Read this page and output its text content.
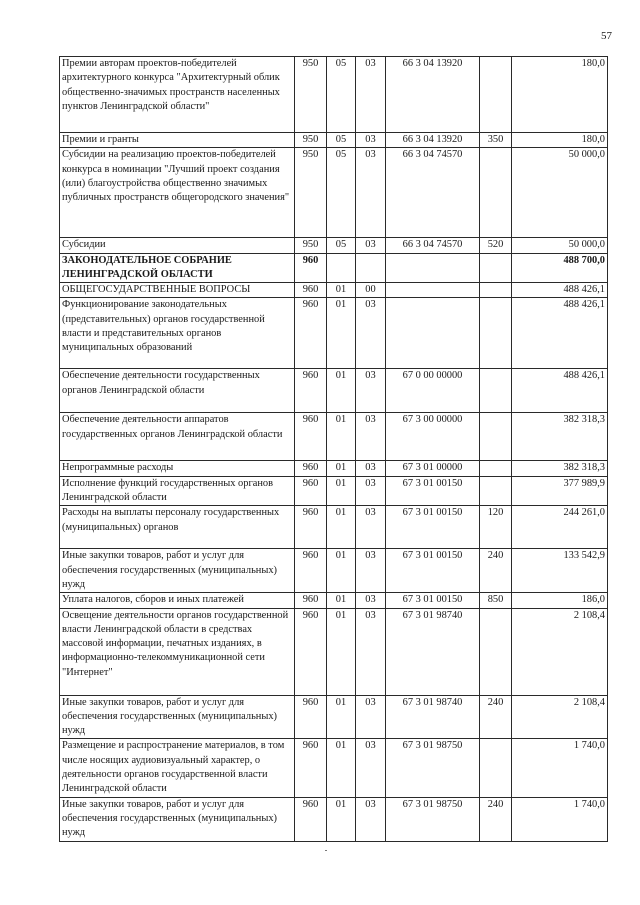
57
Премии авторам проектов-победителей архитектурного конкурса "Архитектурный облик общественно-значимых пространств населенных пунктов Ленинградской области"	950	05	03	66 3 04 13920		180,0
Премии и гранты	950	05	03	66 3 04 13920	350	180,0
Субсидии на реализацию проектов-победителей конкурса в номинации "Лучший проект создания (или) благоустройства общественно значимых публичных пространств общегородского значения"	950	05	03	66 3 04 74570		50 000,0
Субсидии	950	05	03	66 3 04 74570	520	50 000,0
ЗАКОНОДАТЕЛЬНОЕ СОБРАНИЕ ЛЕНИНГРАДСКОЙ ОБЛАСТИ	960					488 700,0
ОБЩЕГОСУДАРСТВЕННЫЕ ВОПРОСЫ	960	01	00			488 426,1
Функционирование законодательных (представительных) органов государственной власти и представительных органов муниципальных образований	960	01	03			488 426,1
Обеспечение деятельности государственных органов Ленинградской области	960	01	03	67 0 00 00000		488 426,1
Обеспечение деятельности аппаратов государственных органов Ленинградской области	960	01	03	67 3 00 00000		382 318,3
Непрограммные расходы	960	01	03	67 3 01 00000		382 318,3
Исполнение функций государственных органов Ленинградской области	960	01	03	67 3 01 00150		377 989,9
Расходы на выплаты персоналу государственных (муниципальных) органов	960	01	03	67 3 01 00150	120	244 261,0
Иные закупки товаров, работ и услуг для обеспечения государственных (муниципальных) нужд	960	01	03	67 3 01 00150	240	133 542,9
Уплата налогов, сборов и иных платежей	960	01	03	67 3 01 00150	850	186,0
Освещение деятельности органов государственной власти Ленинградской области в средствах массовой информации, печатных изданиях, в информационно-телекоммуникационной сети "Интернет"	960	01	03	67 3 01 98740		2 108,4
Иные закупки товаров, работ и услуг для обеспечения государственных (муниципальных) нужд	960	01	03	67 3 01 98740	240	2 108,4
Размещение и распространение материалов, в том числе носящих аудиовизуальный характер, о деятельности органов государственной власти Ленинградской области	960	01	03	67 3 01 98750		1 740,0
Иные закупки товаров, работ и услуг для обеспечения государственных (муниципальных) нужд	960	01	03	67 3 01 98750	240	1 740,0
